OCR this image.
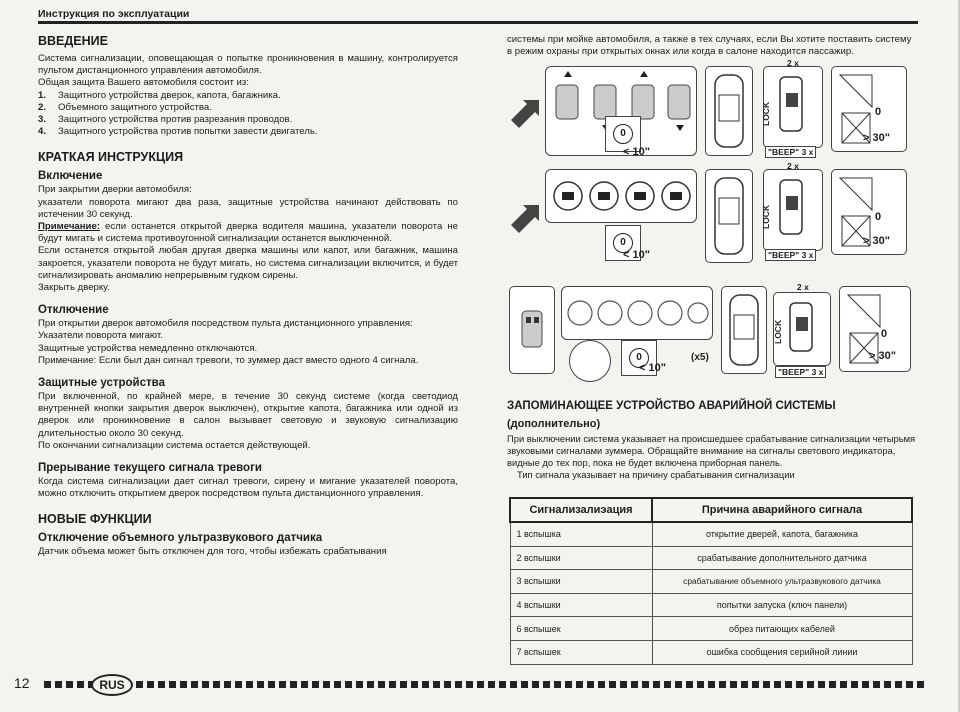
Инструкция по эксплуатации
ВВЕДЕНИЕ

Система сигнализации, оповещающая о попытке проникновения в машину, контролируется пультом дистанционного управления автомобиля.

Общая защита Вашего автомобиля состоит из:

1. Защитного устройства дверок, капота, багажника.
2. Объемного защитного устройства.
3. Защитного устройства против разрезания проводов.
4. Защитного устройства против попытки завести двигатель.
КРАТКАЯ ИНСТРУКЦИЯ
Включение

При закрытии дверки автомобиля:

указатели поворота мигают два раза, защитные устройства начинают действовать по истечении 30 секунд.

Примечание: если останется открытой дверка водителя машина, указатели поворота не будут мигать и система противоугонной сигнализации останется выключенной.

Если останется открытой любая другая дверка машины или капот, или багажник, машина закроется, указатели поворота не будут мигать, но система сигнализации включится, и будет сигнализировать аномалию непрерывным гудком сирены.

Закрыть дверку.

Отключение

При открытии дверок автомобиля посредством пульта дистанционного управления:

Указатели поворота мигают.

Защитные устройства немедленно отключаются.

Примечание: Если был дан сигнал тревоги, то зуммер даст вместо одного 4 сигнала.

Защитные устройства

При включенной, по крайней мере, в течение 30 секунд системе (когда светодиод внутренней кнопки закрытия дверок выключен), открытие капота, багажника или одной из дверок или проникновение в салон вызывает световую и звуковую сигнализацию длительностью около 30 секунд.

По окончании сигнализации система остается действующей.

Прерывание текущего сигнала тревоги

Когда система сигнализации дает сигнал тревоги, сирену и мигание указателей поворота, можно отключить открытием дверок посредством пульта дистанционного управления.

НОВЫЕ ФУНКЦИИ
Отключение объемного ультразвукового датчика

Датчик объема может быть отключен для того, чтобы избежать срабатывания

системы при мойке автомобиля, а также в тех случаях, если Вы хотите поставить систему в режим охраны при открытых окнах или когда в салоне находится пассажир.
0
< 10"
2 x
LOCK
"BEEP" 3 x
0
> 30"
0
< 10"
2 x
LOCK
"BEEP" 3 x
0
> 30"
0
< 10"
(x5)
2 x
LOCK
"BEEP" 3 x
0
> 30"
ЗАПОМИНАЮЩЕЕ УСТРОЙСТВО АВАРИЙНОЙ СИСТЕМЫ
(дополнительно)

При выключении система указывает на происшедшее срабатывание сигнализации четырьмя звуковыми сигналами зуммера. Обращайте внимание на сигналы светового индикатора, видные до тех пор, пока не будет включена приборная панель.

Тип сигнала указывает на причину срабатывания сигнализации

Сигнализалиэация	Причина аварийного сигнала
1 вспышка	открытие дверей, капота, багажника
2 вспышки	срабатывание дополнительного датчика
3 вспышки	срабатывание объемного ультразвукового датчика
4 вспышки	попытки запуска (ключ панели)
6 вспышек	обрез питающих кабелей
7 вспышек	ошибка сообщения серийной линии
12	RUS
